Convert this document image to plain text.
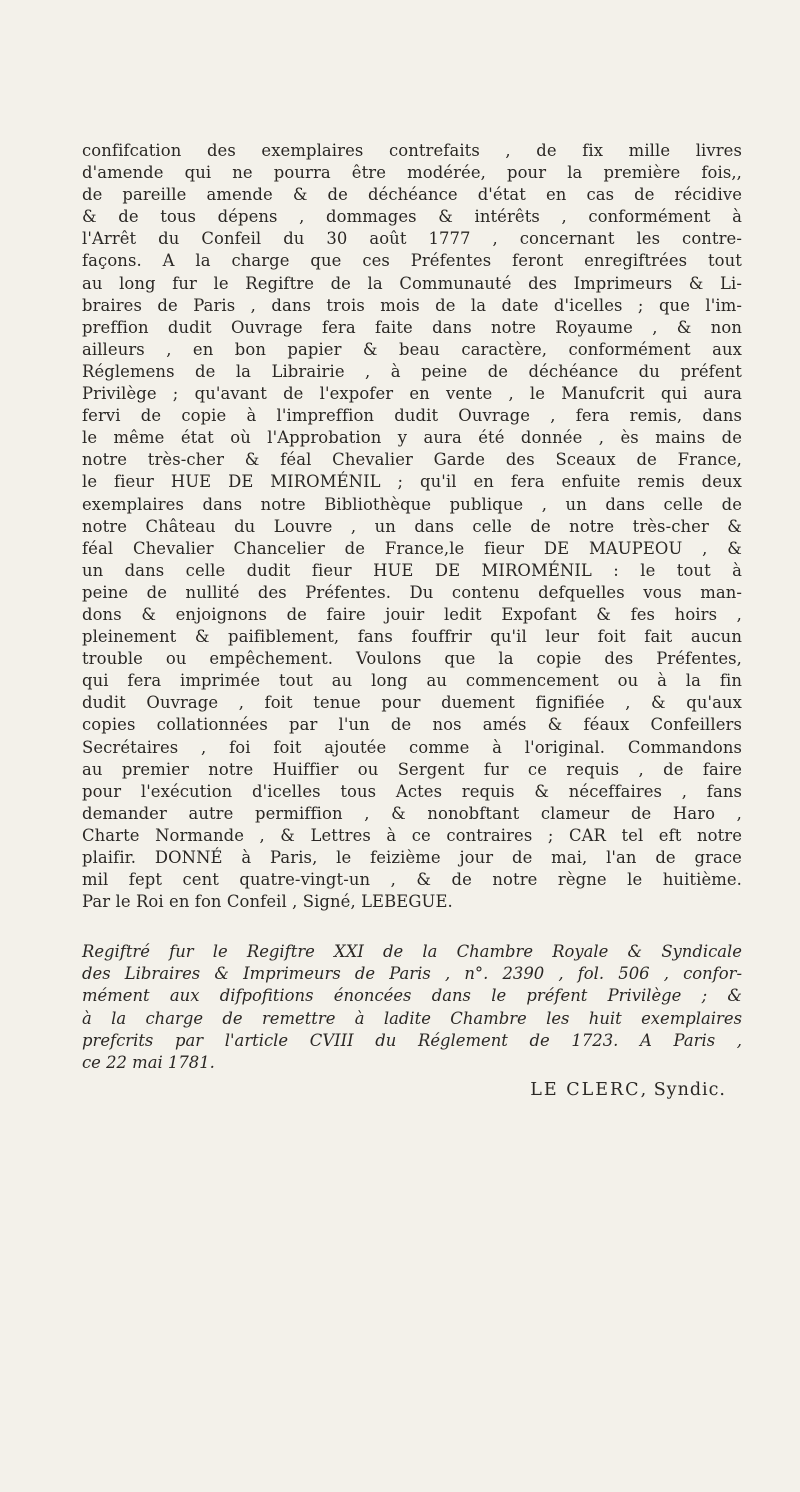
confifcation des exemplaires contrefaits , de fix mille livres
d'amende qui ne pourra être modérée, pour la première fois,,
de pareille amende & de déchéance d'état en cas de récidive
& de tous dépens , dommages & intérêts , conformément à
l'Arrêt du Confeil du 30 août 1777 , concernant les contre-
façons. A la charge que ces Préfentes feront enregiftrées tout
au long fur le Regiftre de la Communauté des Imprimeurs & Li-
braires de Paris , dans trois mois de la date d'icelles ; que l'im-
preffion dudit Ouvrage fera faite dans notre Royaume , & non
ailleurs , en bon papier & beau caractère, conformément aux
Réglemens de la Librairie , à peine de déchéance du préfent
Privilège ; qu'avant de l'expofer en vente , le Manufcrit qui aura
fervi de copie à l'impreffion dudit Ouvrage , fera remis, dans
le même état où l'Approbation y aura été donnée , ès mains de
notre très-cher & féal Chevalier Garde des Sceaux de France,
le fieur HUE DE MIROMÉNIL ; qu'il en fera enfuite remis deux
exemplaires dans notre Bibliothèque publique , un dans celle de
notre Château du Louvre , un dans celle de notre très-cher &
féal Chevalier Chancelier de France,le fieur DE MAUPEOU , &
un dans celle dudit fieur HUE DE MIROMÉNIL : le tout à
peine de nullité des Préfentes. Du contenu defquelles vous man-
dons & enjoignons de faire jouir ledit Expofant & fes hoirs ,
pleinement & paifiblement, fans fouffrir qu'il leur foit fait aucun
trouble ou empêchement. Voulons que la copie des Préfentes,
qui fera imprimée tout au long au commencement ou à la fin
dudit Ouvrage , foit tenue pour duement fignifiée , & qu'aux
copies collationnées par l'un de nos amés & féaux Confeillers
Secrétaires , foi foit ajoutée comme à l'original. Commandons
au premier notre Huiffier ou Sergent fur ce requis , de faire
pour l'exécution d'icelles tous Actes requis & néceffaires , fans
demander autre permiffion , & nonobftant clameur de Haro ,
Charte Normande , & Lettres à ce contraires ; CAR tel eft notre
plaifir. DONNÉ à Paris, le feizième jour de mai, l'an de grace
mil fept cent quatre-vingt-un , & de notre règne le huitième.
Par le Roi en fon Confeil , Signé, LEBEGUE.
Regiftré fur le Regiftre XXI de la Chambre Royale & Syndicale
des Libraires & Imprimeurs de Paris , n°. 2390 , fol. 506 , confor-
mément aux difpofitions énoncées dans le préfent Privilège ; &
à la charge de remettre à ladite Chambre les huit exemplaires
prefcrits par l'article CVIII du Réglement de 1723. A Paris ,
ce 22 mai 1781.
LE CLERC, Syndic.
